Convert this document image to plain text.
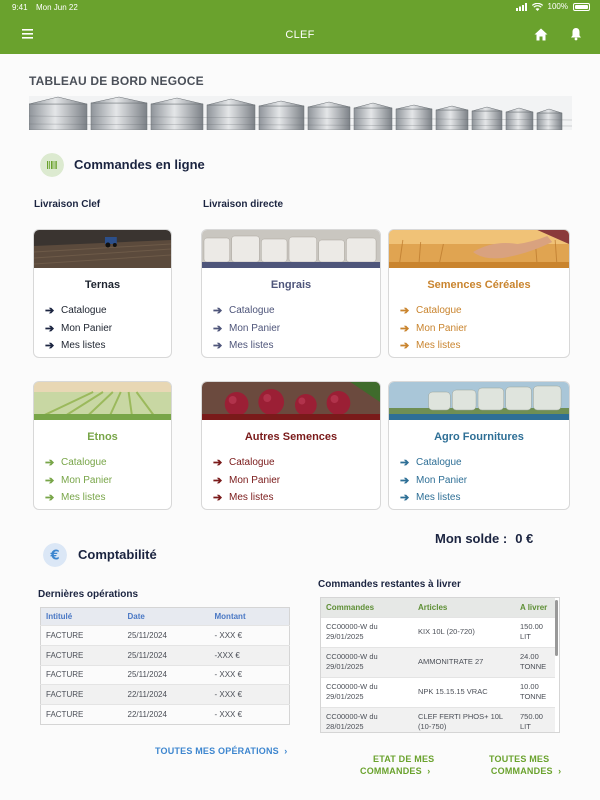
9:41 Mon Jun 22	100%
CLEF
TABLEAU DE BORD NEGOCE
Commandes en ligne
Livraison Clef	Livraison directe
Ternas
➔ Catalogue
➔ Mon Panier
➔ Mes listes
Engrais
➔ Catalogue
➔ Mon Panier
➔ Mes listes
Semences Céréales
➔ Catalogue
➔ Mon Panier
➔ Mes listes
Etnos
➔ Catalogue
➔ Mon Panier
➔ Mes listes
Autres Semences
➔ Catalogue
➔ Mon Panier
➔ Mes listes
Agro Fournitures
➔ Catalogue
➔ Mon Panier
➔ Mes listes
€ Comptabilité
Mon solde : 0 €
Dernières opérations
Intitulé	Date	Montant
FACTURE	25/11/2024	- XXX €
FACTURE	25/11/2024	-XXX €
FACTURE	25/11/2024	- XXX €
FACTURE	22/11/2024	- XXX €
FACTURE	22/11/2024	- XXX €
Commandes restantes à livrer
Commandes	Articles	A livrer
CC00000-W du 29/01/2025	KIX 10L (20-720)	150.00 LIT
CC00000-W du 29/01/2025	AMMONITRATE 27	24.00 TONNE
CC00000-W du 29/01/2025	NPK 15.15.15 VRAC	10.00 TONNE
CC00000-W du 28/01/2025	CLEF FERTI PHOS+ 10L (10-750)	750.00 LIT
TOUTES MES OPÉRATIONS  ›
ETAT DE MES
COMMANDES  ›
TOUTES MES
COMMANDES  ›
